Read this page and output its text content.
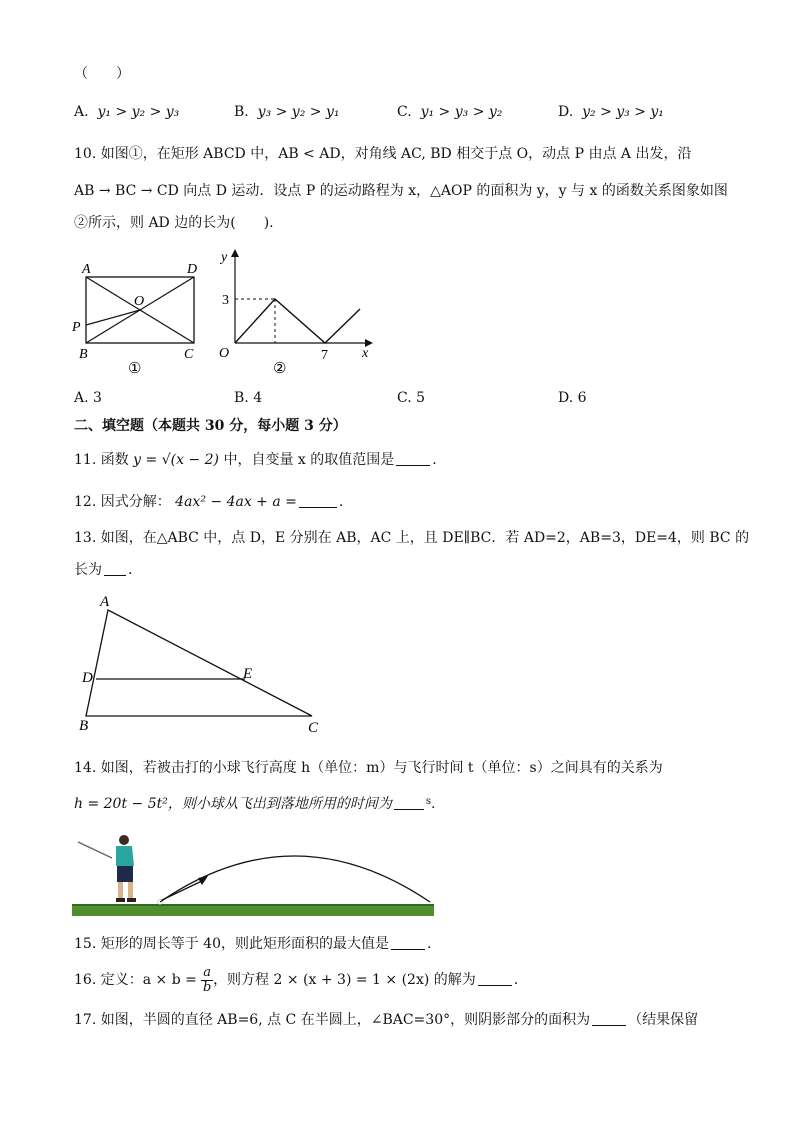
（　　）
A. y₁ > y₂ > y₃	B. y₃ > y₂ > y₁	C. y₁ > y₃ > y₂	D. y₂ > y₃ > y₁
10. 如图①，在矩形 ABCD 中，AB < AD，对角线 AC, BD 相交于点 O，动点 P 由点 A 出发，沿
AB → BC → CD 向点 D 运动．设点 P 的运动路程为 x，△AOP 的面积为 y，y 与 x 的函数关系图象如图
②所示，则 AD 边的长为(　　).
A	D
O
P
B	C
①
y
x
O
3
7
②
A. 3	B. 4	C. 5	D. 6
二、填空题（本题共 30 分，每小题 3 分）
11. 函数 y = √(x − 2) 中，自变量 x 的取值范围是	.
12. 因式分解： 4ax² − 4ax + a =	.
13. 如图，在△ABC 中，点 D，E 分别在 AB，AC 上，且 DE∥BC．若 AD=2，AB=3，DE=4，则 BC 的
长为 .
A
D	E
B	C
14. 如图，若被击打的小球飞行高度 h（单位：m）与飞行时间 t（单位：s）之间具有的关系为
h = 20t − 5t²，则小球从飞出到落地所用的时间为	$^s$.
15. 矩形的周长等于 40，则此矩形面积的最大值是	.
16. 定义：$a \times b = \frac{a}{b}$ ，则方程 2 × (x + 3) = 1 × (2x) 的解为	.
17. 如图，半圆的直径 AB=6, 点 C 在半圆上，∠BAC=30°，则阴影部分的面积为	（结果保留
